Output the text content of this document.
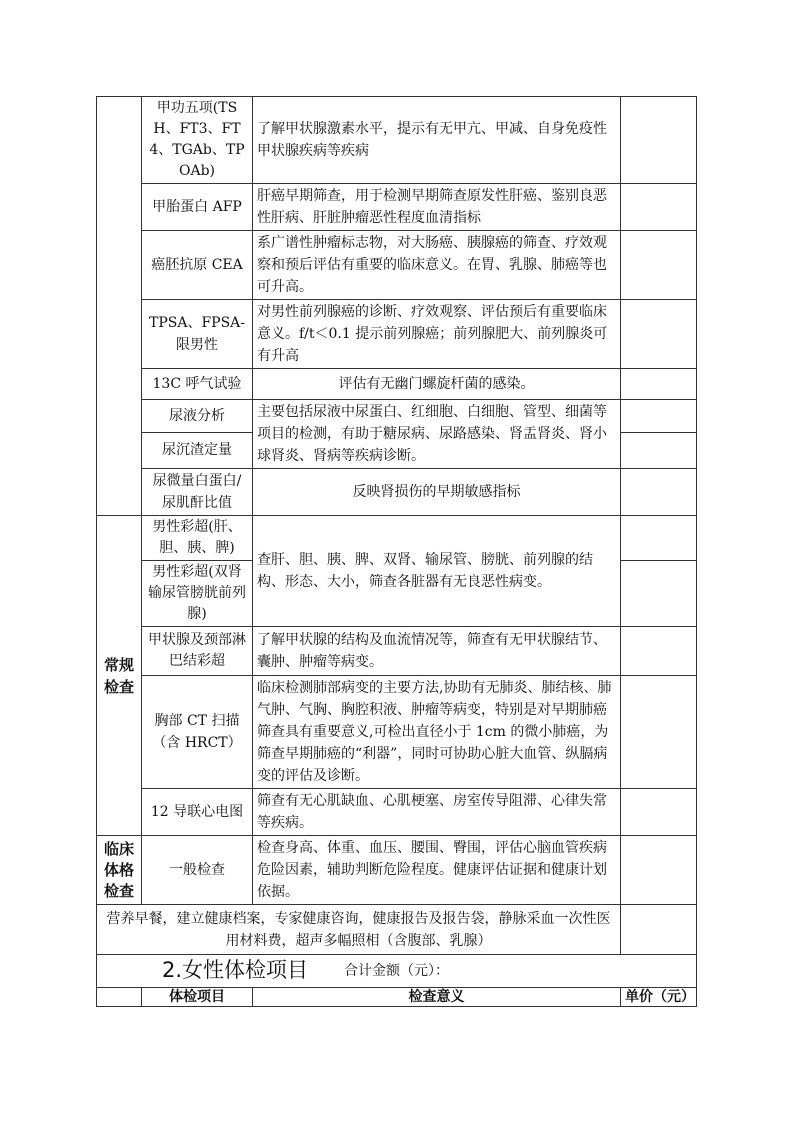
	甲功五项(TSH、FT3、FT4、TGAb、TPOAb)	了解甲状腺激素水平，提示有无甲亢、甲减、自身免疫性甲状腺疾病等疾病	
	甲胎蛋白 AFP	肝癌早期筛查，用于检测早期筛查原发性肝癌、鉴别良恶性肝病、肝脏肿瘤恶性程度血清指标	
	癌胚抗原 CEA	系广谱性肿瘤标志物，对大肠癌、胰腺癌的筛查、疗效观察和预后评估有重要的临床意义。在胃、乳腺、肺癌等也可升高。	
	TPSA、FPSA-限男性	对男性前列腺癌的诊断、疗效观察、评估预后有重要临床意义。f/t＜0.1 提示前列腺癌；前列腺肥大、前列腺炎可有升高	
	13C 呼气试验	评估有无幽门螺旋杆菌的感染。	
	尿液分析	主要包括尿液中尿蛋白、红细胞、白细胞、管型、细菌等项目的检测，有助于糖尿病、尿路感染、肾盂肾炎、肾小球肾炎、肾病等疾病诊断。	
	尿沉渣定量		
	尿微量白蛋白/尿肌酐比值	反映肾损伤的早期敏感指标	
常规检查	男性彩超(肝、胆、胰、脾)	查肝、胆、胰、脾、双肾、输尿管、膀胱、前列腺的结构、形态、大小，筛查各脏器有无良恶性病变。	
	男性彩超(双肾输尿管膀胱前列腺)		
	甲状腺及颈部淋巴结彩超	了解甲状腺的结构及血流情况等，筛查有无甲状腺结节、囊肿、肿瘤等病变。	
	胸部 CT 扫描（含 HRCT）	临床检测肺部病变的主要方法,协助有无肺炎、肺结核、肺气肿、气胸、胸腔积液、肿瘤等病变，特别是对早期肺癌筛查具有重要意义,可检出直径小于 1cm 的微小肺癌，为筛查早期肺癌的“利器”，同时可协助心脏大血管、纵膈病变的评估及诊断。	
	12 导联心电图	筛查有无心肌缺血、心肌梗塞、房室传导阻滞、心律失常等疾病。	
临床体格检查	一般检查	检查身高、体重、血压、腰围、臀围，评估心脑血管疾病危险因素，辅助判断危险程度。健康评估证据和健康计划依据。	
营养早餐，建立健康档案，专家健康咨询，健康报告及报告袋，静脉采血一次性医用材料费，超声多幅照相（含腹部、乳腺）			
合计金额（元）：			
2.女性体检项目
	体检项目	检查意义	单价（元）
